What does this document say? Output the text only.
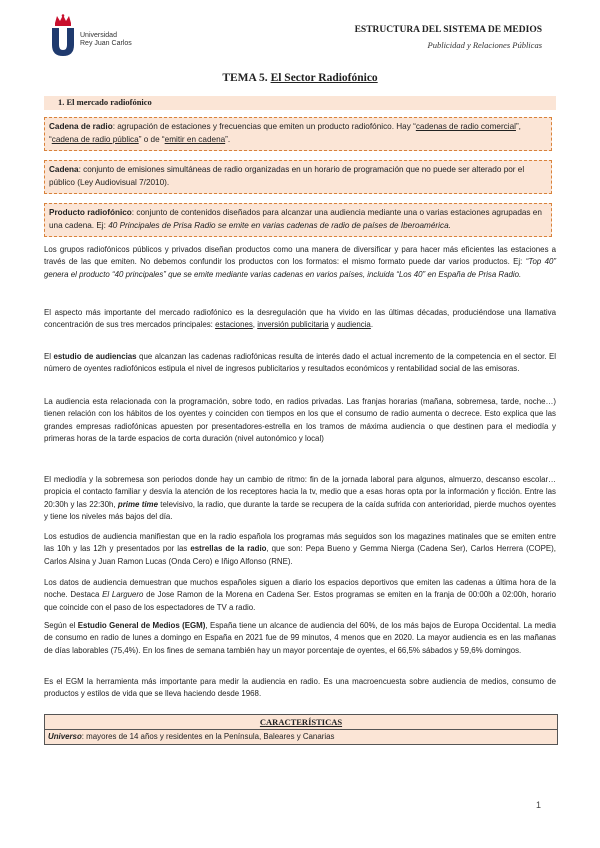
Universidad
Rey Juan Carlos
ESTRUCTURA DEL SISTEMA DE MEDIOS
Publicidad y Relaciones Públicas
TEMA 5. El Sector Radiofónico
1. El mercado radiofónico
Cadena de radio: agrupación de estaciones y frecuencias que emiten un producto radiofónico. Hay “cadenas de radio comercial”, “cadena de radio pública” o de “emitir en cadena”.
Cadena: conjunto de emisiones simultáneas de radio organizadas en un horario de programación que no puede ser alterado por el público (Ley Audiovisual 7/2010).
Producto radiofónico: conjunto de contenidos diseñados para alcanzar una audiencia mediante una o varias estaciones agrupadas en una cadena. Ej: 40 Principales de Prisa Radio se emite en varias cadenas de radio de países de Iberoamérica.

Los grupos radiofónicos públicos y privados diseñan productos como una manera de diversificar y para hacer más eficientes las estaciones a través de las que emiten. No debemos confundir los productos con los formatos: el mismo formato puede dar varios productos. Ej: “Top 40” genera el producto “40 principales” que se emite mediante varias cadenas en varios países, incluida “Los 40” en España de Prisa Radio.

El aspecto más importante del mercado radiofónico es la desregulación que ha vivido en las últimas décadas, produciéndose una llamativa concentración de sus tres mercados principales: estaciones, inversión publicitaria y audiencia.

El estudio de audiencias que alcanzan las cadenas radiofónicas resulta de interés dado el actual incremento de la competencia en el sector. El número de oyentes radiofónicos estipula el nivel de ingresos publicitarios y resultados económicos y rentabilidad social de las emisoras.

La audiencia esta relacionada con la programación, sobre todo, en radios privadas. Las franjas horarias (mañana, sobremesa, tarde, noche…) tienen relación con los hábitos de los oyentes y coinciden con tiempos en los que el consumo de radio aumenta o decrece. Esto explica que las grandes empresas radiofónicas apuesten por presentadores-estrella en los tramos de máxima audiencia o que destinen para el mediodía y primeras horas de la tarde espacios de corta duración (nivel autonómico y local)

El mediodía y la sobremesa son periodos donde hay un cambio de ritmo: fin de la jornada laboral para algunos, almuerzo, descanso escolar… propicia el contacto familiar y desvía la atención de los receptores hacia la tv, medio que a esas horas opta por la información y ficción. Entre las 20:30h y las 22:30h, prime time televisivo, la radio, que durante la tarde se recupera de la caída sufrida con anterioridad, pierde muchos oyentes y tiene los niveles más bajos del día.

Los estudios de audiencia manifiestan que en la radio española los programas más seguidos son los magazines matinales que se emiten entre las 10h y las 12h y presentados por las estrellas de la radio, que son: Pepa Bueno y Gemma Nierga (Cadena Ser), Carlos Herrera (COPE), Carlos Alsina y Juan Ramon Lucas (Onda Cero) e Iñigo Alfonso (RNE).

Los datos de audiencia demuestran que muchos españoles siguen a diario los espacios deportivos que emiten las cadenas a última hora de la noche. Destaca El Larguero de Jose Ramon de la Morena en Cadena Ser. Estos programas se emiten en la franja de 00:00h a 02:00h, horario que coincide con el paso de los espectadores de TV a radio.

Según el Estudio General de Medios (EGM), España tiene un alcance de audiencia del 60%, de los más bajos de Europa Occidental. La media de consumo en radio de lunes a domingo en España en 2021 fue de 99 minutos, 4 menos que en 2020. La mayor audiencia es en las mañanas de días laborables (75,4%). En los fines de semana también hay un mayor porcentaje de oyentes, el 66,5% sábados y 59,6% domingos.

Es el EGM la herramienta más importante para medir la audiencia en radio. Es una macroencuesta sobre audiencia de medios, consumo de productos y estilos de vida que se lleva haciendo desde 1968.

CARACTERÍSTICAS
Universo: mayores de 14 años y residentes en la Península, Baleares y Canarias
1
